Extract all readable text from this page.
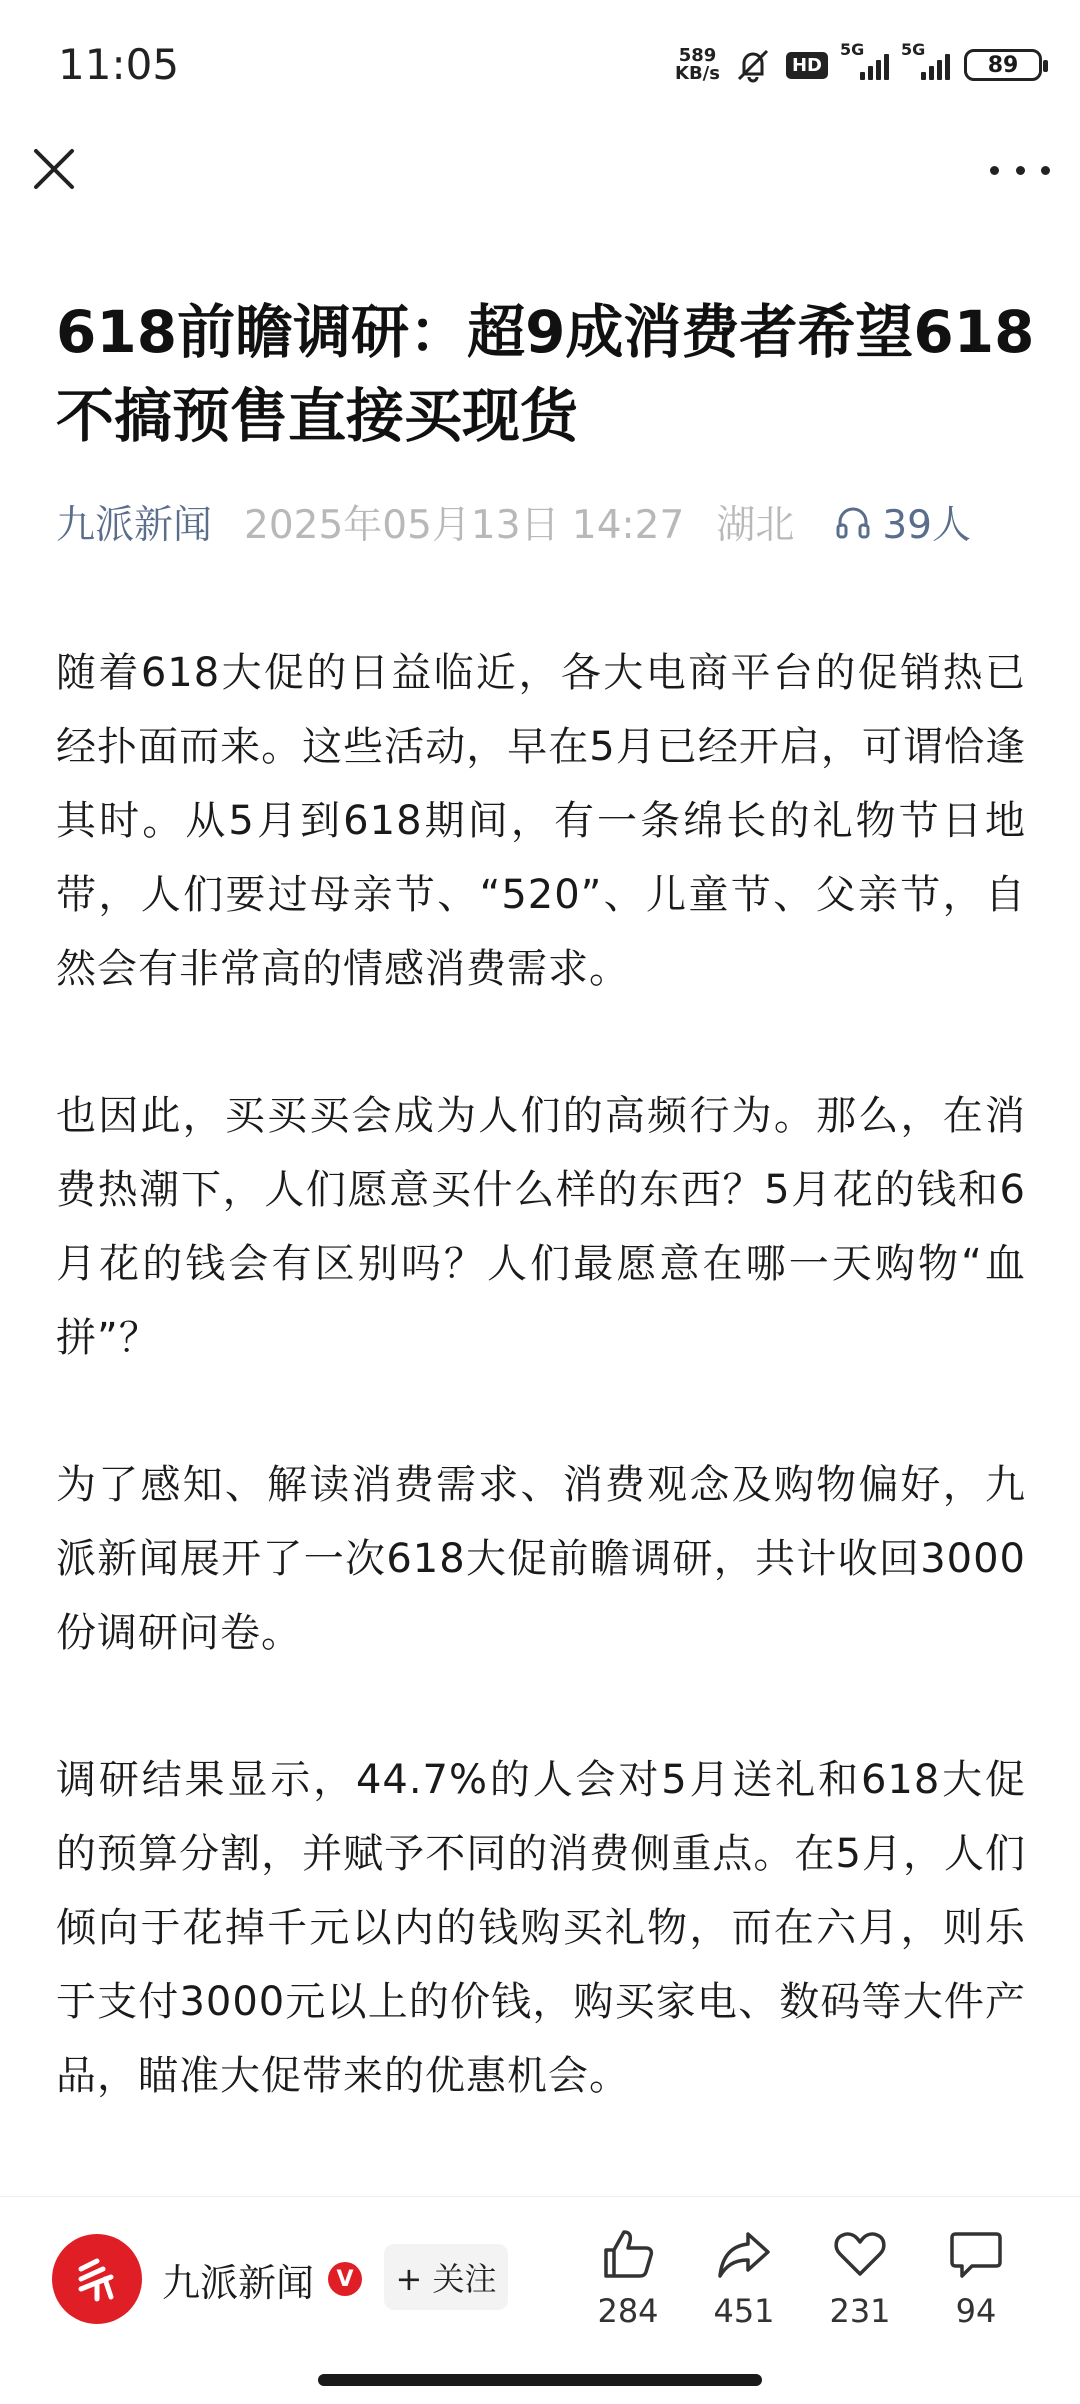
11:05	589
KB/s	HD
5G 5G
89
618前瞻调研：超9成消费者希望618不搞预售直接买现货
九派新闻 2025年05月13日 14:27 湖北 39人

随着618大促的日益临近，各大电商平台的促销热已经扑面而来。这些活动，早在5月已经开启，可谓恰逢其时。从5月到618期间，有一条绵长的礼物节日地带，人们要过母亲节、“520”、儿童节、父亲节，自然会有非常高的情感消费需求。

也因此，买买买会成为人们的高频行为。那么，在消费热潮下，人们愿意买什么样的东西？5月花的钱和6月花的钱会有区别吗？人们最愿意在哪一天购物“血拼”？

为了感知、解读消费需求、消费观念及购物偏好，九派新闻展开了一次618大促前瞻调研，共计收回3000份调研问卷。

调研结果显示，44.7%的人会对5月送礼和618大促的预算分割，并赋予不同的消费侧重点。在5月，人们倾向于花掉千元以内的钱购买礼物，而在六月，则乐于支付3000元以上的价钱，购买家电、数码等大件产品，瞄准大促带来的优惠机会。

九派新闻	V	+ 关注
284	451	231	94
